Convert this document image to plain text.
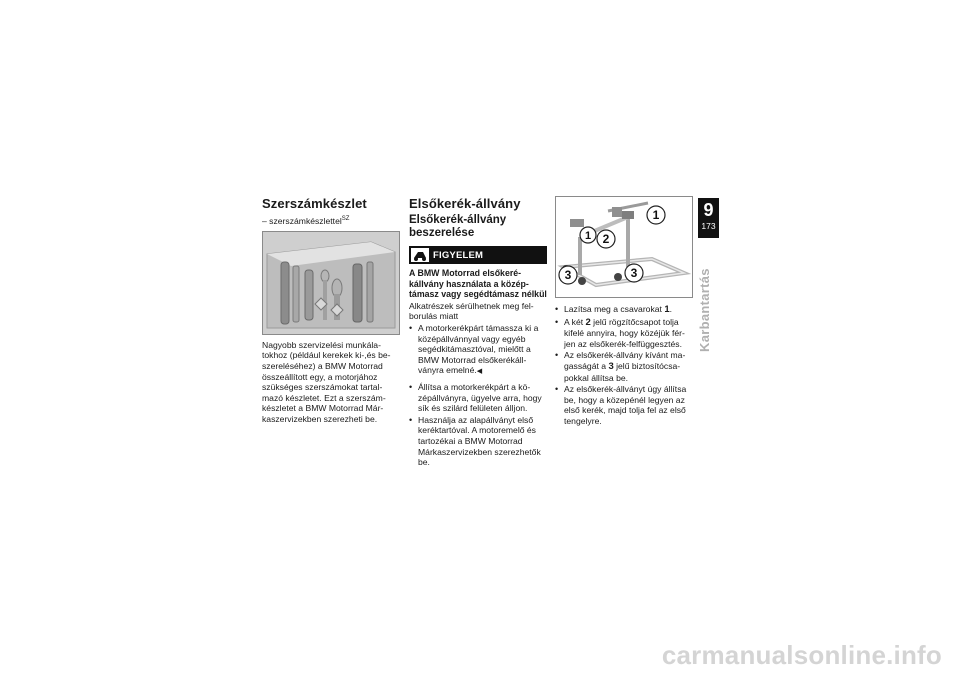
Szerszámkészlet
– szerszámkészlettel$^{SZ}$

Nagyobb szervizelési munkála-tokhoz (például kerekek ki-,és be-szereléséhez) a BMW Motorrad összeállított egy, a motorjához szükséges szerszámokat tartal-mazó készletet. Ezt a szerszám-készletet a BMW Motorrad Már-kaszervizekben szerezheti be.

Elsőkerék-állvány
Elsőkerék-állvány beszerelése
FIGYELEM
A BMW Motorrad elsőkeré-kállvány használata a közép-támasz vagy segédtámasz nélkül
Alkatrészek sérülhetnek meg fel-borulás miatt
• A motorkerékpárt támassza ki a középállvánnyal vagy egyéb segédkitámasztóval, mielőtt a BMW Motorrad elsőkerékáll-ványra emelné.◀
• Állítsa a motorkerékpárt a kö-zépállványra, ügyelve arra, hogy sík és szilárd felületen álljon.
• Használja az alapállványt első keréktartóval. A motoremelő és tartozékai a BMW Motorrad Márkaszervizekben szerezhetők be.
1
2
1
3	3
• Lazítsa meg a csavarokat 1.
• A két 2 jelű rögzítőcsapot tolja kifelé annyira, hogy közéjük fér-jen az elsőkerék-felfüggesztés.
• Az elsőkerék-állvány kívánt ma-gasságát a 3 jelű biztosítócsa-pokkal állítsa be.
• Az elsőkerék-állványt úgy állítsa be, hogy a közepénél legyen az első kerék, majd tolja fel az első tengelyre.
9
173
Karbantartás
carmanualsonline.info
